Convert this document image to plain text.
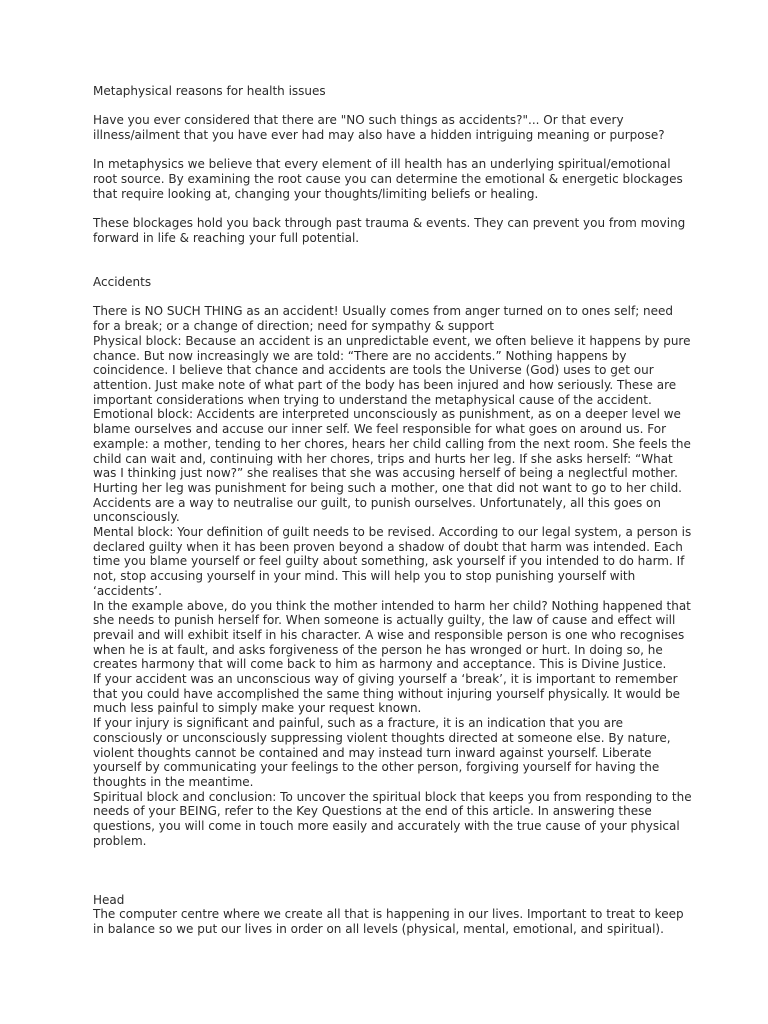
Metaphysical reasons for health issues

Have you ever considered that there are "NO such things as accidents?"... Or that every illness/ailment that you have ever had may also have a hidden intriguing meaning or purpose?

In metaphysics we believe that every element of ill health has an underlying spiritual/emotional root source. By examining the root cause you can determine the emotional & energetic blockages that require looking at, changing your thoughts/limiting beliefs or healing.

These blockages hold you back through past trauma & events. They can prevent you from moving forward in life & reaching your full potential.

Accidents

There is NO SUCH THING as an accident! Usually comes from anger turned on to ones self; need for a break; or a change of direction; need for sympathy & support

Physical block: Because an accident is an unpredictable event, we often believe it happens by pure chance. But now increasingly we are told: “There are no accidents.” Nothing happens by coincidence. I believe that chance and accidents are tools the Universe (God) uses to get our attention. Just make note of what part of the body has been injured and how seriously. These are important considerations when trying to understand the metaphysical cause of the accident.

Emotional block: Accidents are interpreted unconsciously as punishment, as on a deeper level we blame ourselves and accuse our inner self. We feel responsible for what goes on around us. For example: a mother, tending to her chores, hears her child calling from the next room. She feels the child can wait and, continuing with her chores, trips and hurts her leg. If she asks herself: “What was I thinking just now?” she realises that she was accusing herself of being a neglectful mother. Hurting her leg was punishment for being such a mother, one that did not want to go to her child. Accidents are a way to neutralise our guilt, to punish ourselves. Unfortunately, all this goes on unconsciously.

Mental block: Your definition of guilt needs to be revised. According to our legal system, a person is declared guilty when it has been proven beyond a shadow of doubt that harm was intended. Each time you blame yourself or feel guilty about something, ask yourself if you intended to do harm. If not, stop accusing yourself in your mind. This will help you to stop punishing yourself with ‘accidents’.

In the example above, do you think the mother intended to harm her child? Nothing happened that she needs to punish herself for. When someone is actually guilty, the law of cause and effect will prevail and will exhibit itself in his character. A wise and responsible person is one who recognises when he is at fault, and asks forgiveness of the person he has wronged or hurt. In doing so, he creates harmony that will come back to him as harmony and acceptance. This is Divine Justice.

If your accident was an unconscious way of giving yourself a ‘break’, it is important to remember that you could have accomplished the same thing without injuring yourself physically. It would be much less painful to simply make your request known.

If your injury is significant and painful, such as a fracture, it is an indication that you are consciously or unconsciously suppressing violent thoughts directed at someone else. By nature, violent thoughts cannot be contained and may instead turn inward against yourself. Liberate yourself by communicating your feelings to the other person, forgiving yourself for having the thoughts in the meantime.

Spiritual block and conclusion: To uncover the spiritual block that keeps you from responding to the needs of your BEING, refer to the Key Questions at the end of this article. In answering these questions, you will come in touch more easily and accurately with the true cause of your physical problem.

Head

The computer centre where we create all that is happening in our lives. Important to treat to keep in balance so we put our lives in order on all levels (physical, mental, emotional, and spiritual).
